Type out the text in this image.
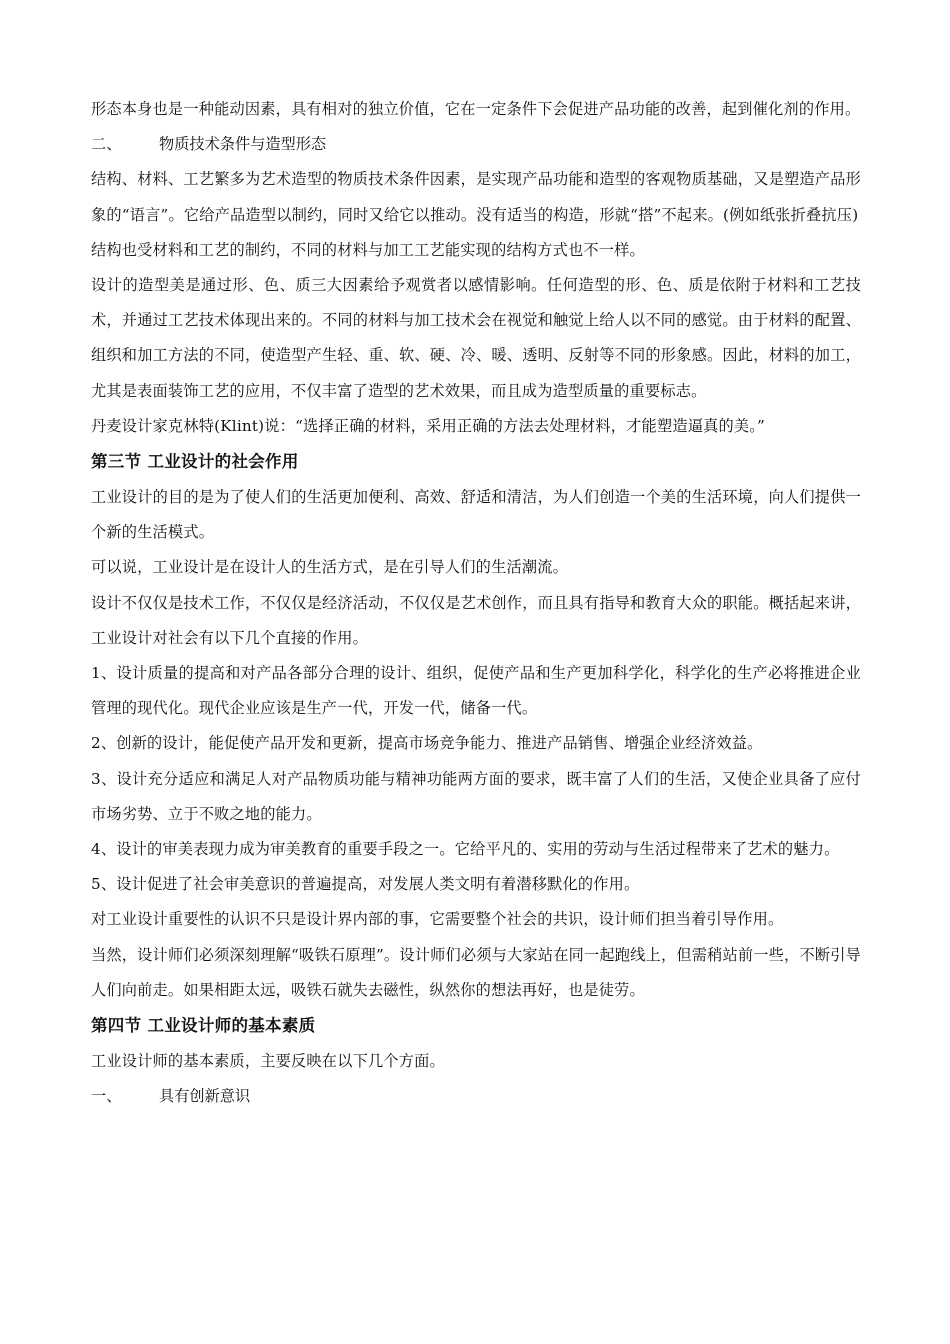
形态本身也是一种能动因素，具有相对的独立价值，它在一定条件下会促进产品功能的改善，起到催化剂的作用。

二、	物质技术条件与造型形态

结构、材料、工艺繁多为艺术造型的物质技术条件因素，是实现产品功能和造型的客观物质基础，又是塑造产品形象的“语言”。它给产品造型以制约，同时又给它以推动。没有适当的构造，形就“搭”不起来。(例如纸张折叠抗压)

结构也受材料和工艺的制约，不同的材料与加工工艺能实现的结构方式也不一样。

设计的造型美是通过形、色、质三大因素给予观赏者以感情影响。任何造型的形、色、质是依附于材料和工艺技术，并通过工艺技术体现出来的。不同的材料与加工技术会在视觉和触觉上给人以不同的感觉。由于材料的配置、组织和加工方法的不同，使造型产生轻、重、软、硬、冷、暖、透明、反射等不同的形象感。因此，材料的加工，尤其是表面装饰工艺的应用，不仅丰富了造型的艺术效果，而且成为造型质量的重要标志。

丹麦设计家克林特(Klint)说：“选择正确的材料，采用正确的方法去处理材料，才能塑造逼真的美。”

第三节 工业设计的社会作用

工业设计的目的是为了使人们的生活更加便利、高效、舒适和清洁，为人们创造一个美的生活环境，向人们提供一个新的生活模式。

可以说，工业设计是在设计人的生活方式，是在引导人们的生活潮流。

设计不仅仅是技术工作，不仅仅是经济活动，不仅仅是艺术创作，而且具有指导和教育大众的职能。概括起来讲，工业设计对社会有以下几个直接的作用。

1、设计质量的提高和对产品各部分合理的设计、组织，促使产品和生产更加科学化，科学化的生产必将推进企业管理的现代化。现代企业应该是生产一代，开发一代，储备一代。

2、创新的设计，能促使产品开发和更新，提高市场竞争能力、推进产品销售、增强企业经济效益。

3、设计充分适应和满足人对产品物质功能与精神功能两方面的要求，既丰富了人们的生活，又使企业具备了应付市场劣势、立于不败之地的能力。

4、设计的审美表现力成为审美教育的重要手段之一。它给平凡的、实用的劳动与生活过程带来了艺术的魅力。

5、设计促进了社会审美意识的普遍提高，对发展人类文明有着潜移默化的作用。

对工业设计重要性的认识不只是设计界内部的事，它需要整个社会的共识，设计师们担当着引导作用。

当然，设计师们必须深刻理解“吸铁石原理”。设计师们必须与大家站在同一起跑线上，但需稍站前一些，不断引导人们向前走。如果相距太远，吸铁石就失去磁性，纵然你的想法再好，也是徒劳。

第四节 工业设计师的基本素质

工业设计师的基本素质，主要反映在以下几个方面。

一、	具有创新意识
